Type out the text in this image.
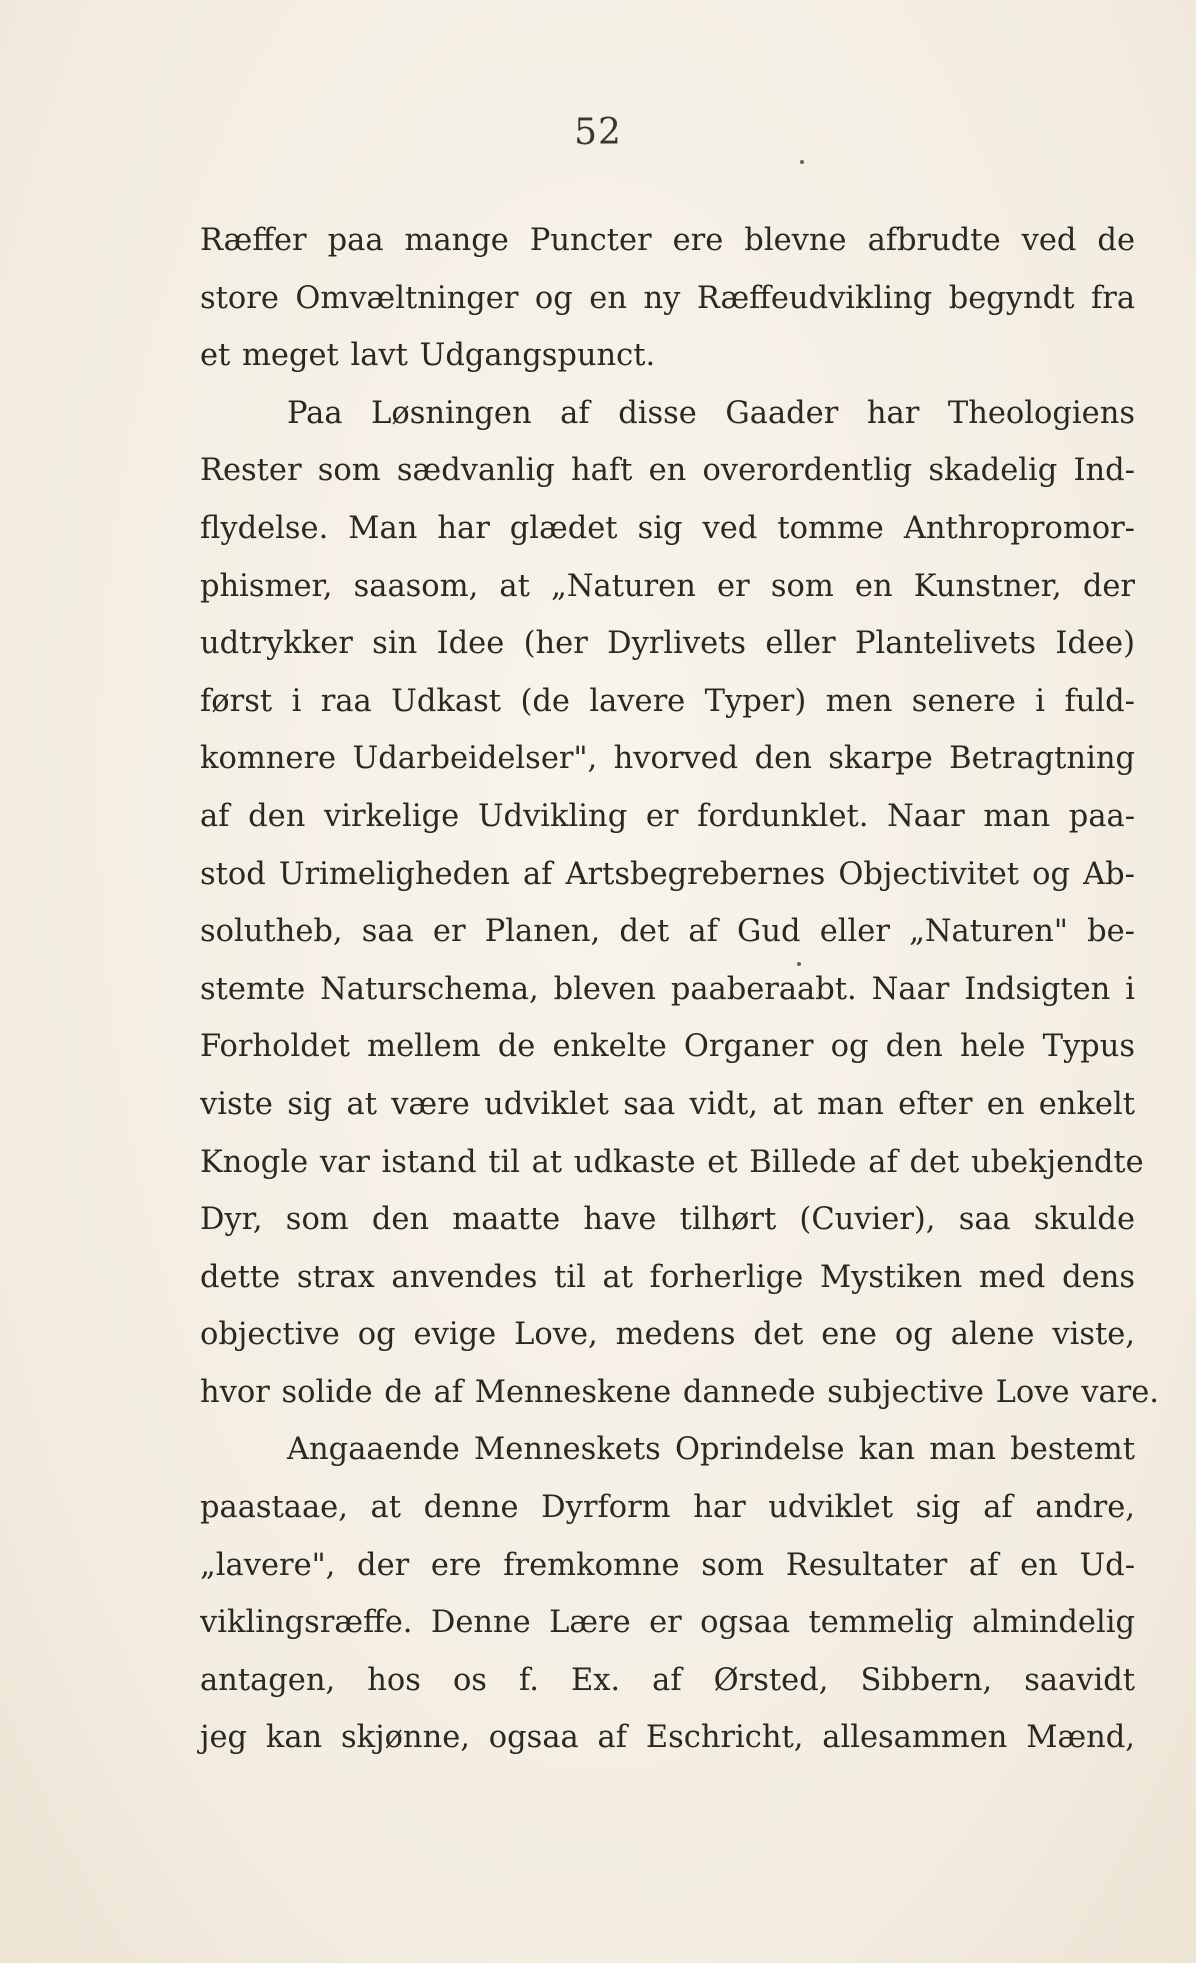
52
Ræffer paa mange Puncter ere blevne afbrudte ved de
store Omvæltninger og en ny Ræffeudvikling begyndt fra
et meget lavt Udgangspunct.
Paa Løsningen af disse Gaader har Theologiens
Rester som sædvanlig haft en overordentlig skadelig Ind-
flydelse. Man har glædet sig ved tomme Anthropromor-
phismer, saasom, at „Naturen er som en Kunstner, der
udtrykker sin Idee (her Dyrlivets eller Plantelivets Idee)
først i raa Udkast (de lavere Typer) men senere i fuld-
komnere Udarbeidelser", hvorved den skarpe Betragtning
af den virkelige Udvikling er fordunklet. Naar man paa-
stod Urimeligheden af Artsbegrebernes Objectivitet og Ab-
solutheb, saa er Planen, det af Gud eller „Naturen" be-
stemte Naturschema, bleven paaberaabt. Naar Indsigten i
Forholdet mellem de enkelte Organer og den hele Typus
viste sig at være udviklet saa vidt, at man efter en enkelt
Knogle var istand til at udkaste et Billede af det ubekjendte
Dyr, som den maatte have tilhørt (Cuvier), saa skulde
dette strax anvendes til at forherlige Mystiken med dens
objective og evige Love, medens det ene og alene viste,
hvor solide de af Menneskene dannede subjective Love vare.
Angaaende Menneskets Oprindelse kan man bestemt
paastaae, at denne Dyrform har udviklet sig af andre,
„lavere", der ere fremkomne som Resultater af en Ud-
viklingsræffe. Denne Lære er ogsaa temmelig almindelig
antagen, hos os f. Ex. af Ørsted, Sibbern, saavidt
jeg kan skjønne, ogsaa af Eschricht, allesammen Mænd,
